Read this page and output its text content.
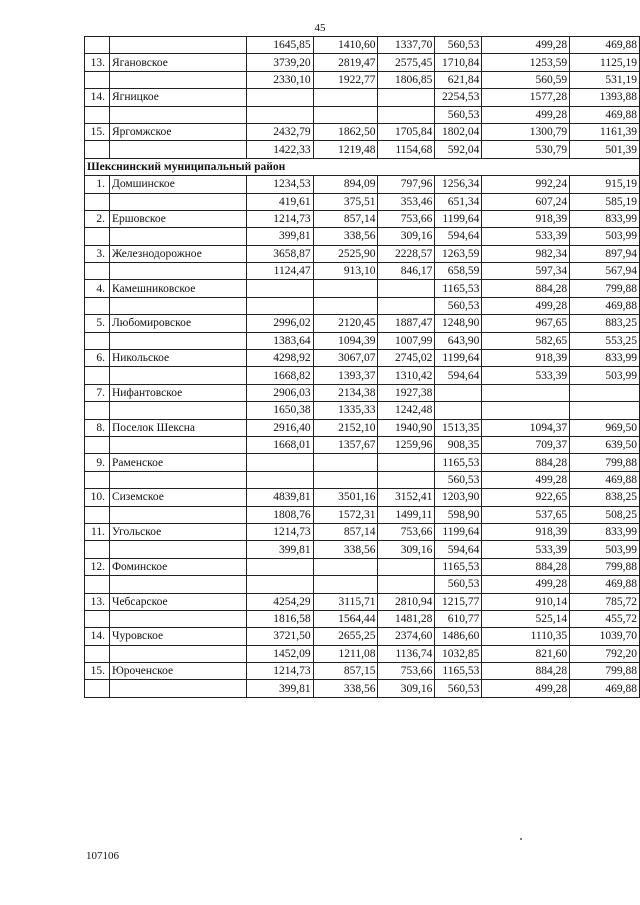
45
		1645,85	1410,60	1337,70	560,53	499,28	469,88
13.	Ягановское	3739,20	2819,47	2575,45	1710,84	1253,59	1125,19
		2330,10	1922,77	1806,85	621,84	560,59	531,19
14.	Ягницкое				2254,53	1577,28	1393,88
					560,53	499,28	469,88
15.	Яргомжское	2432,79	1862,50	1705,84	1802,04	1300,79	1161,39
		1422,33	1219,48	1154,68	592,04	530,79	501,39
Шекснинский муниципальный район							
1.	Домшинское	1234,53	894,09	797,96	1256,34	992,24	915,19
		419,61	375,51	353,46	651,34	607,24	585,19
2.	Ершовское	1214,73	857,14	753,66	1199,64	918,39	833,99
		399,81	338,56	309,16	594,64	533,39	503,99
3.	Железнодорожное	3658,87	2525,90	2228,57	1263,59	982,34	897,94
		1124,47	913,10	846,17	658,59	597,34	567,94
4.	Камешниковское				1165,53	884,28	799,88
					560,53	499,28	469,88
5.	Любомировское	2996,02	2120,45	1887,47	1248,90	967,65	883,25
		1383,64	1094,39	1007,99	643,90	582,65	553,25
6.	Никольское	4298,92	3067,07	2745,02	1199,64	918,39	833,99
		1668,82	1393,37	1310,42	594,64	533,39	503,99
7.	Нифантовское	2906,03	2134,38	1927,38			
		1650,38	1335,33	1242,48			
8.	Поселок Шексна	2916,40	2152,10	1940,90	1513,35	1094,37	969,50
		1668,01	1357,67	1259,96	908,35	709,37	639,50
9.	Раменское				1165,53	884,28	799,88
					560,53	499,28	469,88
10.	Сиземское	4839,81	3501,16	3152,41	1203,90	922,65	838,25
		1808,76	1572,31	1499,11	598,90	537,65	508,25
11.	Угольское	1214,73	857,14	753,66	1199,64	918,39	833,99
		399,81	338,56	309,16	594,64	533,39	503,99
12.	Фоминское				1165,53	884,28	799,88
					560,53	499,28	469,88
13.	Чебсарское	4254,29	3115,71	2810,94	1215,77	910,14	785,72
		1816,58	1564,44	1481,28	610,77	525,14	455,72
14.	Чуровское	3721,50	2655,25	2374,60	1486,60	1110,35	1039,70
		1452,09	1211,08	1136,74	1032,85	821,60	792,20
15.	Юроченское	1214,73	857,15	753,66	1165,53	884,28	799,88
		399,81	338,56	309,16	560,53	499,28	469,88
107106
